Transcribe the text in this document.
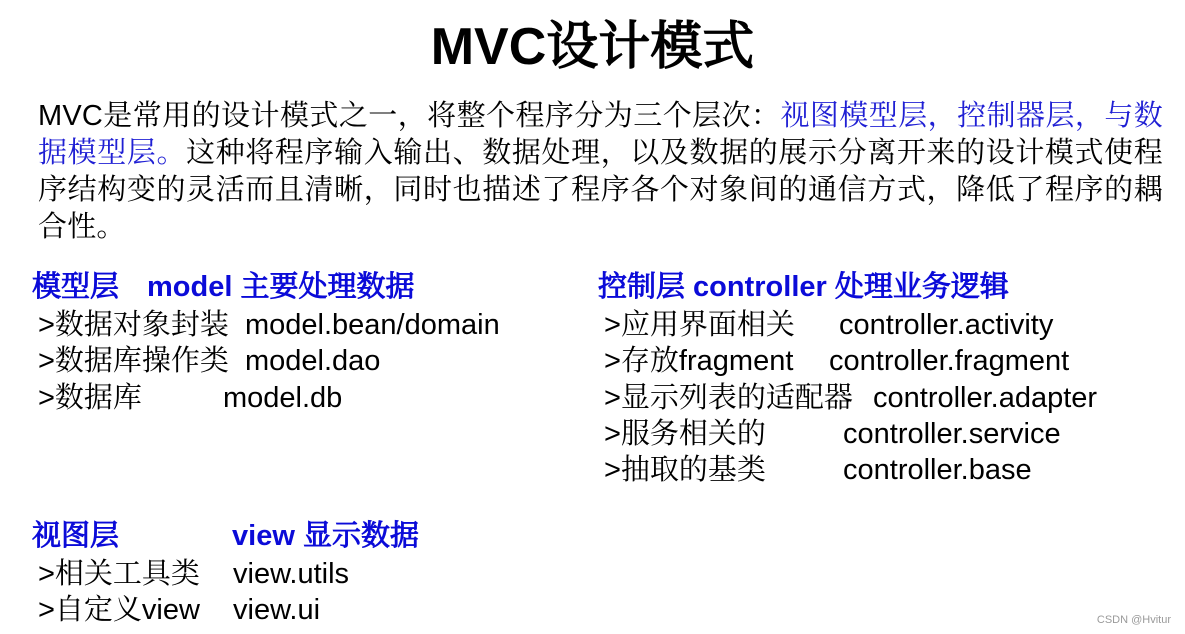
MVC设计模式
MVC是常用的设计模式之一，将整个程序分为三个层次：视图模型层，控制器层，与数据模型层。这种将程序输入输出、数据处理，以及数据的展示分离开来的设计模式使程序结构变的灵活而且清晰，同时也描述了程序各个对象间的通信方式，降低了程序的耦合性。
模型层 model 主要处理数据
>数据对象封装 model.bean/domain
>数据库操作类 model.dao
>数据库	model.db
控制层 controller 处理业务逻辑
>应用界面相关 controller.activity
>存放fragment controller.fragment
>显示列表的适配器 controller.adapter
>服务相关的	controller.service
>抽取的基类	controller.base
视图层	view 显示数据
>相关工具类 view.utils
>自定义view view.ui	CSDN @Hvitur
